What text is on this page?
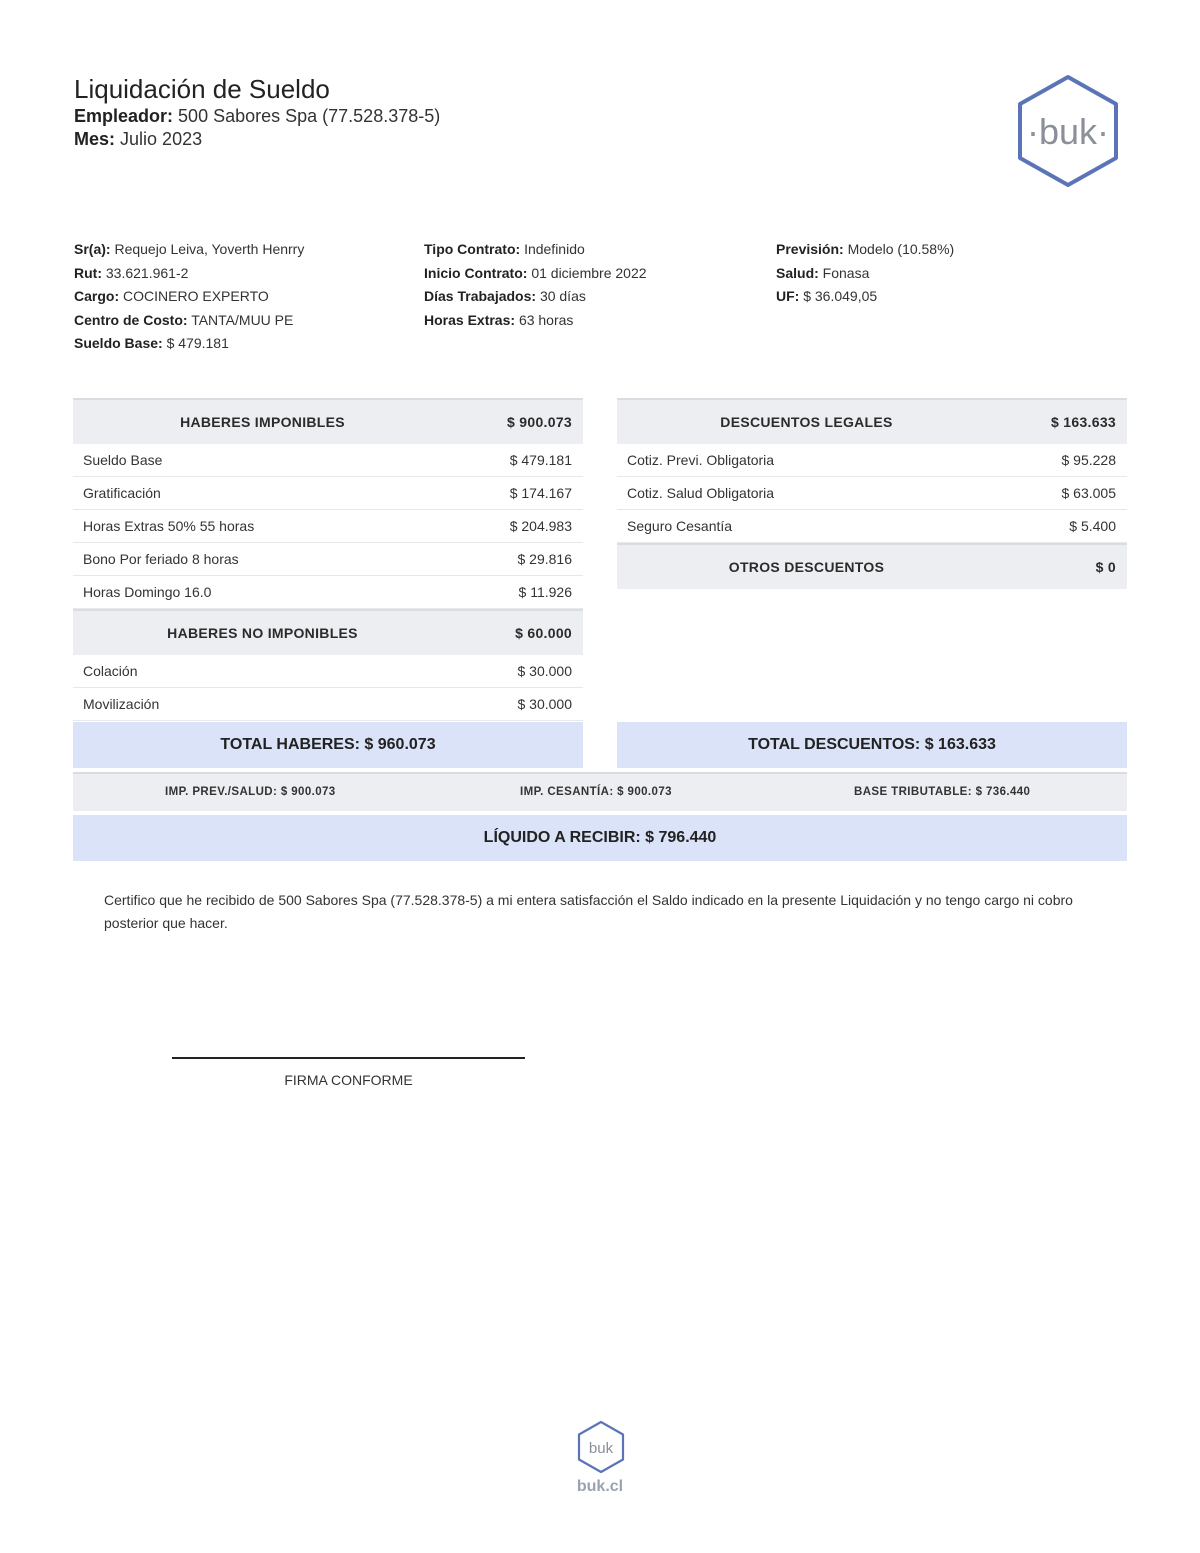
Liquidación de Sueldo
Empleador: 500 Sabores Spa (77.528.378-5)
Mes: Julio 2023	·buk·
Sr(a): Requejo Leiva, Yoverth Henrry
Rut: 33.621.961-2
Cargo: COCINERO EXPERTO
Centro de Costo: TANTA/MUU PE
Sueldo Base: $ 479.181
Tipo Contrato: Indefinido
Inicio Contrato: 01 diciembre 2022
Días Trabajados: 30 días
Horas Extras: 63 horas
Previsión: Modelo (10.58%)
Salud: Fonasa
UF: $ 36.049,05
HABERES IMPONIBLES	$ 900.073
Sueldo Base	$ 479.181
Gratificación	$ 174.167
Horas Extras 50% 55 horas	$ 204.983
Bono Por feriado 8 horas	$ 29.816
Horas Domingo 16.0	$ 11.926
HABERES NO IMPONIBLES	$ 60.000
Colación	$ 30.000
Movilización	$ 30.000
DESCUENTOS LEGALES	$ 163.633
Cotiz. Previ. Obligatoria	$ 95.228
Cotiz. Salud Obligatoria	$ 63.005
Seguro Cesantía	$ 5.400
OTROS DESCUENTOS	$ 0
TOTAL HABERES: $ 960.073	TOTAL DESCUENTOS: $ 163.633
IMP. PREV./SALUD: $ 900.073	IMP. CESANTÍA: $ 900.073	BASE TRIBUTABLE: $ 736.440
LÍQUIDO A RECIBIR: $ 796.440
Certifico que he recibido de 500 Sabores Spa (77.528.378-5) a mi entera satisfacción el Saldo indicado en la presente Liquidación y no tengo cargo ni cobro posterior que hacer.
FIRMA CONFORME
buk
buk.cl
